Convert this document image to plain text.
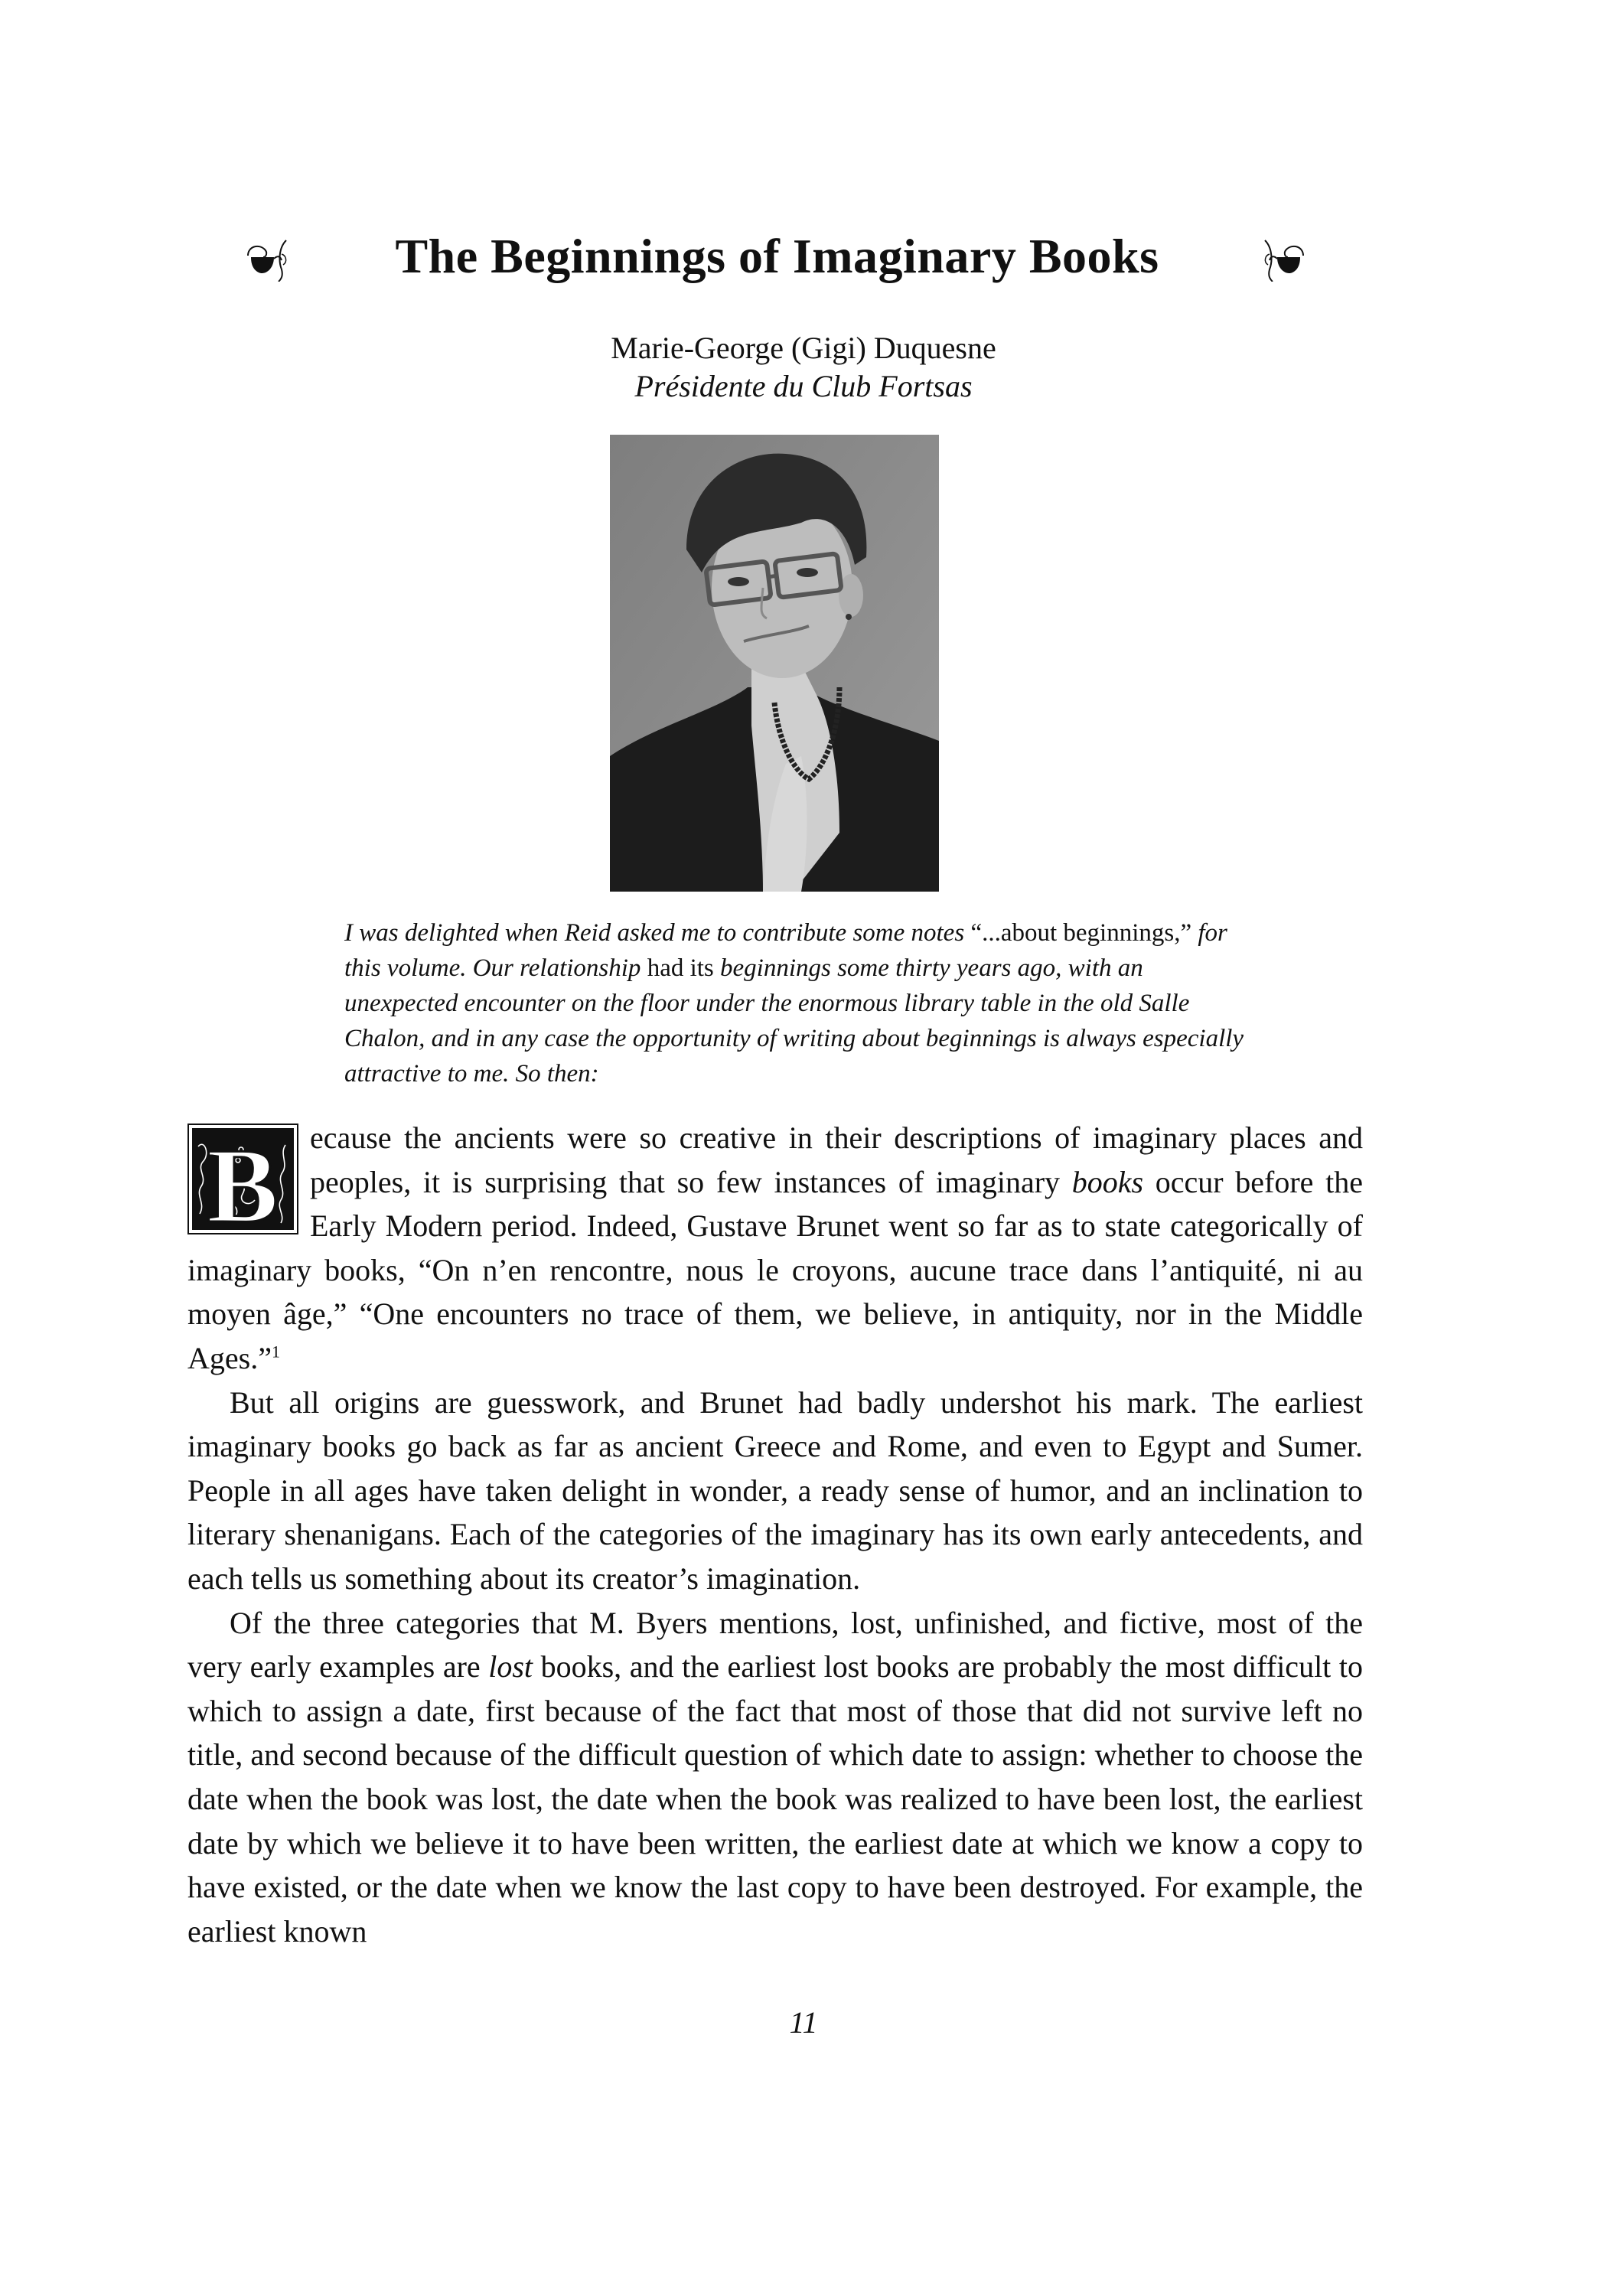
The Beginnings of Imaginary Books
Marie-George (Gigi) Duquesne
Présidente du Club Fortsas
I was delighted when Reid asked me to contribute some notes “...about beginnings,” for this volume. Our relationship had its beginnings some thirty years ago, with an unexpected encounter on the floor under the enormous library table in the old Salle Chalon, and in any case the opportunity of writing about beginnings is always especially attractive to me. So then:

B ecause the ancients were so creative in their descriptions of imaginary places and peoples, it is surprising that so few instances of imaginary books occur before the Early Modern period. Indeed, Gustave Brunet went so far as to state categorically of imaginary books, “On n’en rencontre, nous le croyons, aucune trace dans l’antiquité, ni au moyen âge,” “One encounters no trace of them, we believe, in antiquity, nor in the Middle Ages.”$^1$

But all origins are guesswork, and Brunet had badly undershot his mark. The earliest imaginary books go back as far as ancient Greece and Rome, and even to Egypt and Sumer. People in all ages have taken delight in wonder, a ready sense of humor, and an inclination to literary shenanigans. Each of the categories of the imaginary has its own early antecedents, and each tells us something about its creator’s imagination.

Of the three categories that M. Byers mentions, lost, unfinished, and fictive, most of the very early examples are lost books, and the earliest lost books are probably the most difficult to which to assign a date, first because of the fact that most of those that did not survive left no title, and second because of the difficult question of which date to assign: whether to choose the date when the book was lost, the date when the book was realized to have been lost, the earliest date by which we believe it to have been written, the earliest date at which we know a copy to have existed, or the date when we know the last copy to have been destroyed. For example, the earliest known

11
